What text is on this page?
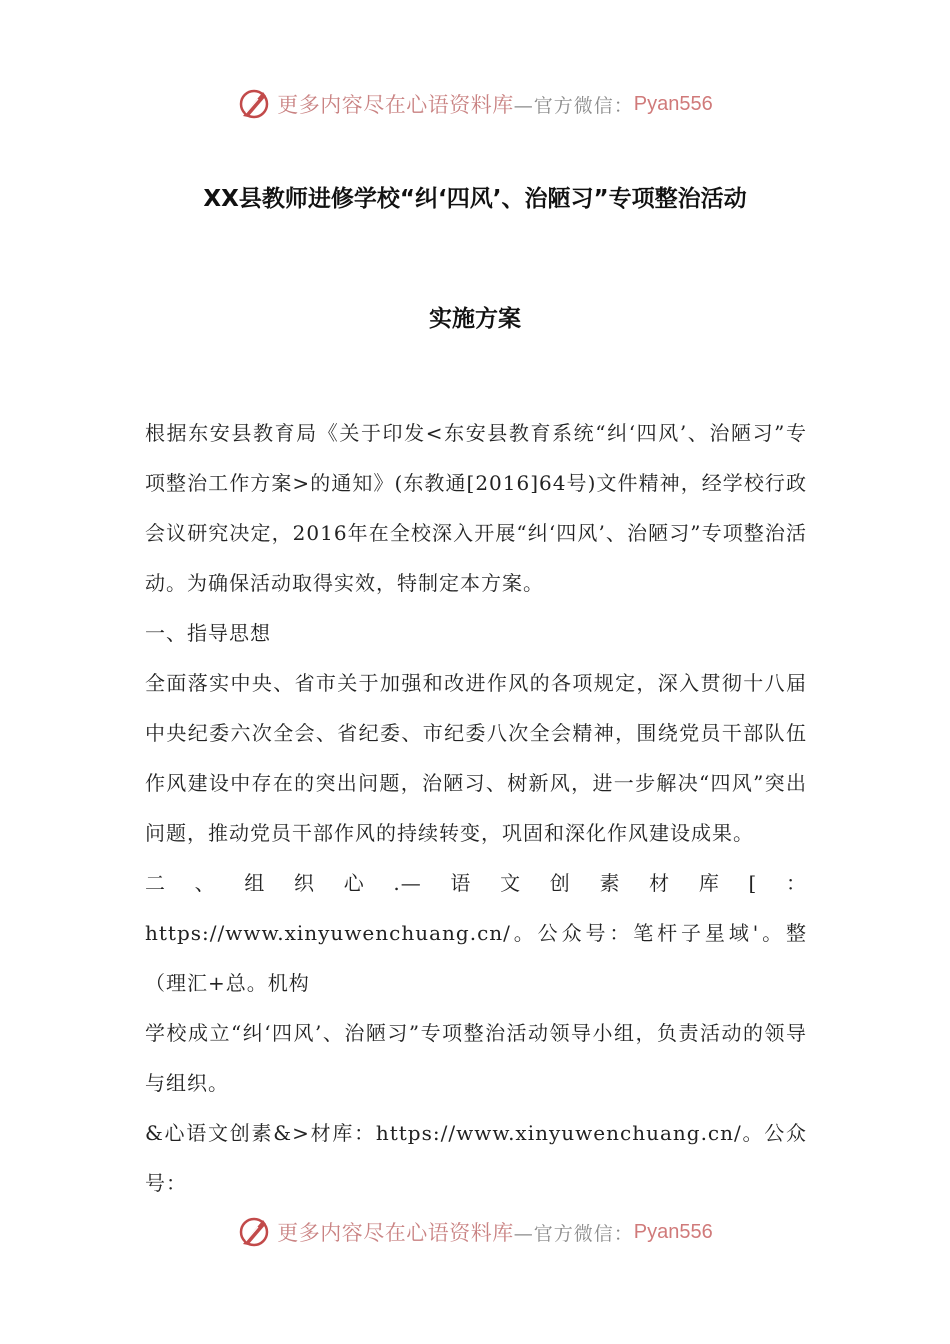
更多内容尽在心语资料库 —官方微信： Pyan556
XX县教师进修学校“纠‘四风’、治陋习”专项整治活动
实施方案

根据东安县教育局《关于印发<东安县教育系统“纠‘四风’、治陋习”专项整治工作方案>的通知》(东教通[2016]64号)文件精神，经学校行政会议研究决定，2016年在全校深入开展“纠‘四风’、治陋习”专项整治活动。为确保活动取得实效，特制定本方案。

一、指导思想

全面落实中央、省市关于加强和改进作风的各项规定，深入贯彻十八届中央纪委六次全会、省纪委、市纪委八次全会精神，围绕党员干部队伍作风建设中存在的突出问题，治陋习、树新风，进一步解决“四风”突出问题，推动党员干部作风的持续转变，巩固和深化作风建设成果。

二、组织心.—语文创素材库[：https://www.xinyuwenchuang.cn/。公众号：笔杆子星域'。整（理汇+总。机构

学校成立“纠‘四风’、治陋习”专项整治活动领导小组，负责活动的领导与组织。

&心语文创素&>材库：https://www.xinyuwenchuang.cn/。公众号：

更多内容尽在心语资料库 —官方微信： Pyan556
